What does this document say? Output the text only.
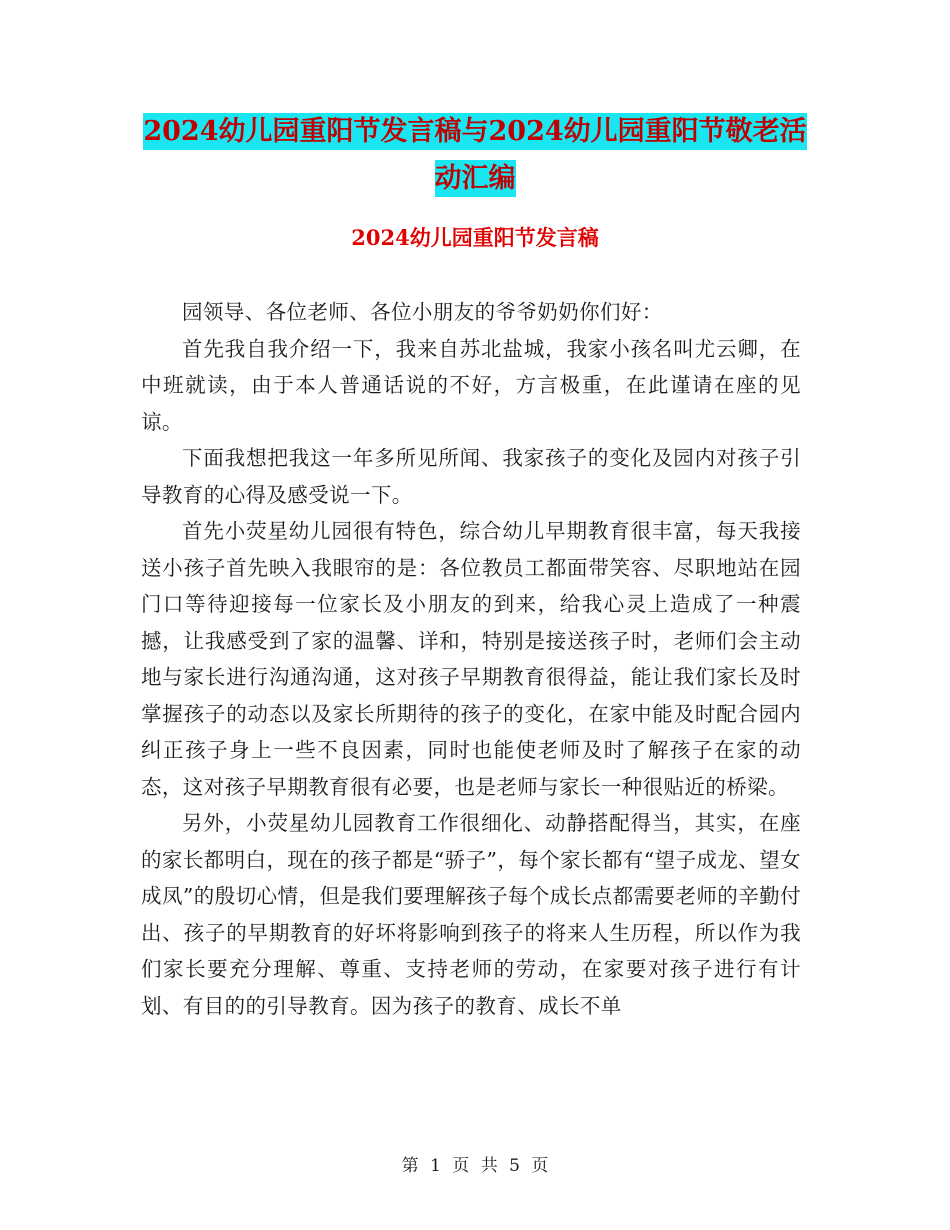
2024幼儿园重阳节发言稿与2024幼儿园重阳节敬老活动汇编
2024幼儿园重阳节发言稿

园领导、各位老师、各位小朋友的爷爷奶奶你们好：

首先我自我介绍一下，我来自苏北盐城，我家小孩名叫尤云卿，在中班就读，由于本人普通话说的不好，方言极重，在此谨请在座的见谅。

下面我想把我这一年多所见所闻、我家孩子的变化及园内对孩子引导教育的心得及感受说一下。

首先小荧星幼儿园很有特色，综合幼儿早期教育很丰富，每天我接送小孩子首先映入我眼帘的是：各位教员工都面带笑容、尽职地站在园门口等待迎接每一位家长及小朋友的到来，给我心灵上造成了一种震撼，让我感受到了家的温馨、详和，特别是接送孩子时，老师们会主动地与家长进行沟通沟通，这对孩子早期教育很得益，能让我们家长及时掌握孩子的动态以及家长所期待的孩子的变化，在家中能及时配合园内纠正孩子身上一些不良因素，同时也能使老师及时了解孩子在家的动态，这对孩子早期教育很有必要，也是老师与家长一种很贴近的桥梁。

另外，小荧星幼儿园教育工作很细化、动静搭配得当，其实，在座的家长都明白，现在的孩子都是“骄子”，每个家长都有“望子成龙、望女成凤”的殷切心情，但是我们要理解孩子每个成长点都需要老师的辛勤付出、孩子的早期教育的好坏将影响到孩子的将来人生历程，所以作为我们家长要充分理解、尊重、支持老师的劳动，在家要对孩子进行有计划、有目的的引导教育。因为孩子的教育、成长不单

第 1 页 共 5 页
